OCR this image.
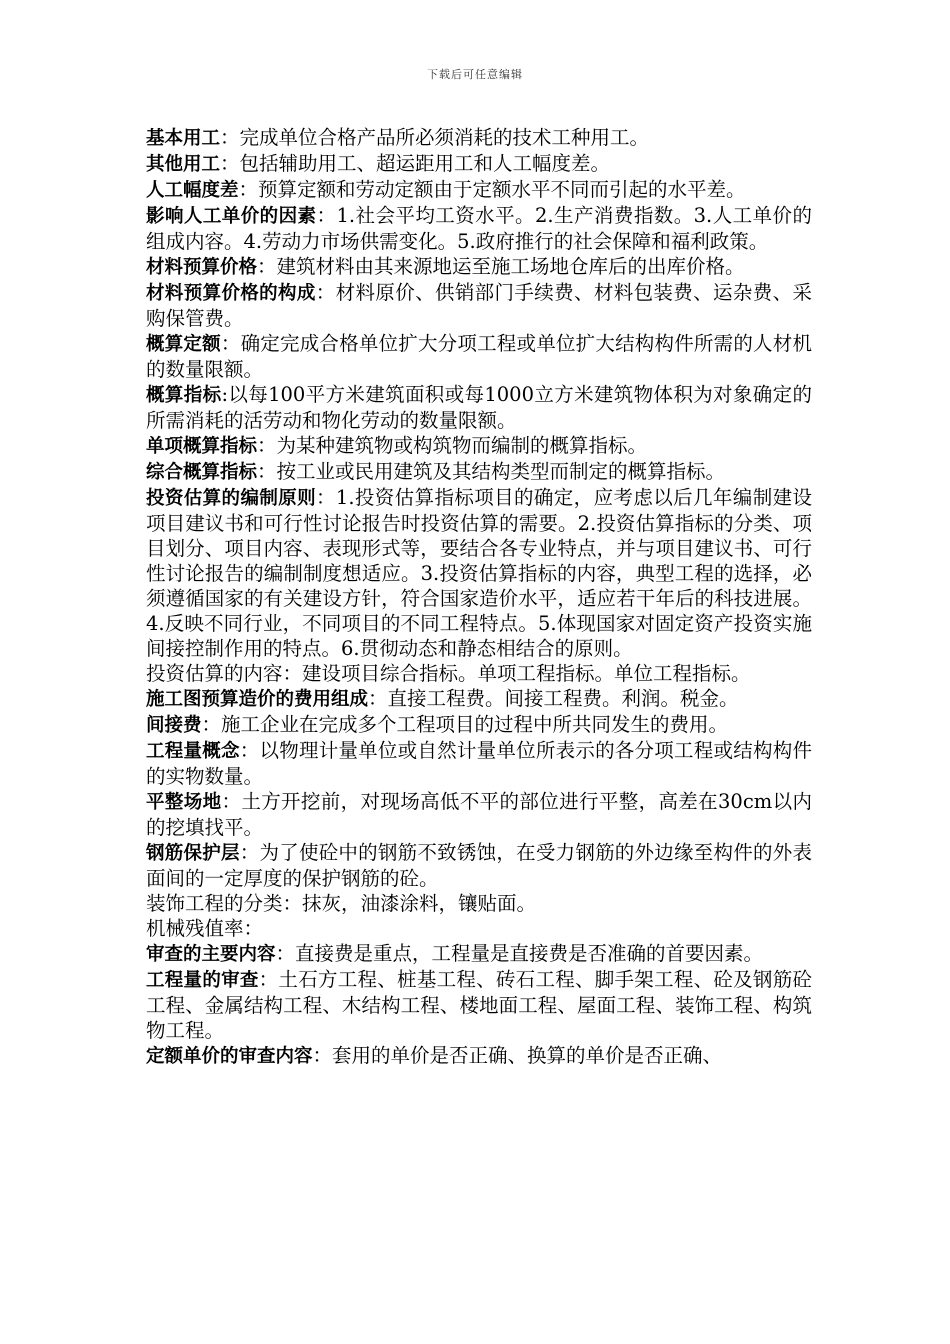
下载后可任意编辑

基本用工：完成单位合格产品所必须消耗的技术工种用工。

其他用工：包括辅助用工、超运距用工和人工幅度差。

人工幅度差：预算定额和劳动定额由于定额水平不同而引起的水平差。

影响人工单价的因素：1.社会平均工资水平。2.生产消费指数。3.人工单价的组成内容。4.劳动力市场供需变化。5.政府推行的社会保障和福利政策。

材料预算价格：建筑材料由其来源地运至施工场地仓库后的出库价格。

材料预算价格的构成：材料原价、供销部门手续费、材料包装费、运杂费、采购保管费。

概算定额：确定完成合格单位扩大分项工程或单位扩大结构构件所需的人材机的数量限额。

概算指标:以每100平方米建筑面积或每1000立方米建筑物体积为对象确定的所需消耗的活劳动和物化劳动的数量限额。

单项概算指标：为某种建筑物或构筑物而编制的概算指标。

综合概算指标：按工业或民用建筑及其结构类型而制定的概算指标。

投资估算的编制原则：1.投资估算指标项目的确定，应考虑以后几年编制建设项目建议书和可行性讨论报告时投资估算的需要。2.投资估算指标的分类、项目划分、项目内容、表现形式等，要结合各专业特点，并与项目建议书、可行性讨论报告的编制制度想适应。3.投资估算指标的内容，典型工程的选择，必须遵循国家的有关建设方针，符合国家造价水平，适应若干年后的科技进展。4.反映不同行业，不同项目的不同工程特点。5.体现国家对固定资产投资实施间接控制作用的特点。6.贯彻动态和静态相结合的原则。

投资估算的内容：建设项目综合指标。单项工程指标。单位工程指标。

施工图预算造价的费用组成：直接工程费。间接工程费。利润。税金。

间接费：施工企业在完成多个工程项目的过程中所共同发生的费用。

工程量概念：以物理计量单位或自然计量单位所表示的各分项工程或结构构件的实物数量。

平整场地：土方开挖前，对现场高低不平的部位进行平整，高差在30cm以内的挖填找平。

钢筋保护层：为了使砼中的钢筋不致锈蚀，在受力钢筋的外边缘至构件的外表面间的一定厚度的保护钢筋的砼。

装饰工程的分类：抹灰，油漆涂料，镶贴面。

机械残值率：

审查的主要内容：直接费是重点，工程量是直接费是否准确的首要因素。

工程量的审查：土石方工程、桩基工程、砖石工程、脚手架工程、砼及钢筋砼工程、金属结构工程、木结构工程、楼地面工程、屋面工程、装饰工程、构筑物工程。

定额单价的审查内容：套用的单价是否正确、换算的单价是否正确、
